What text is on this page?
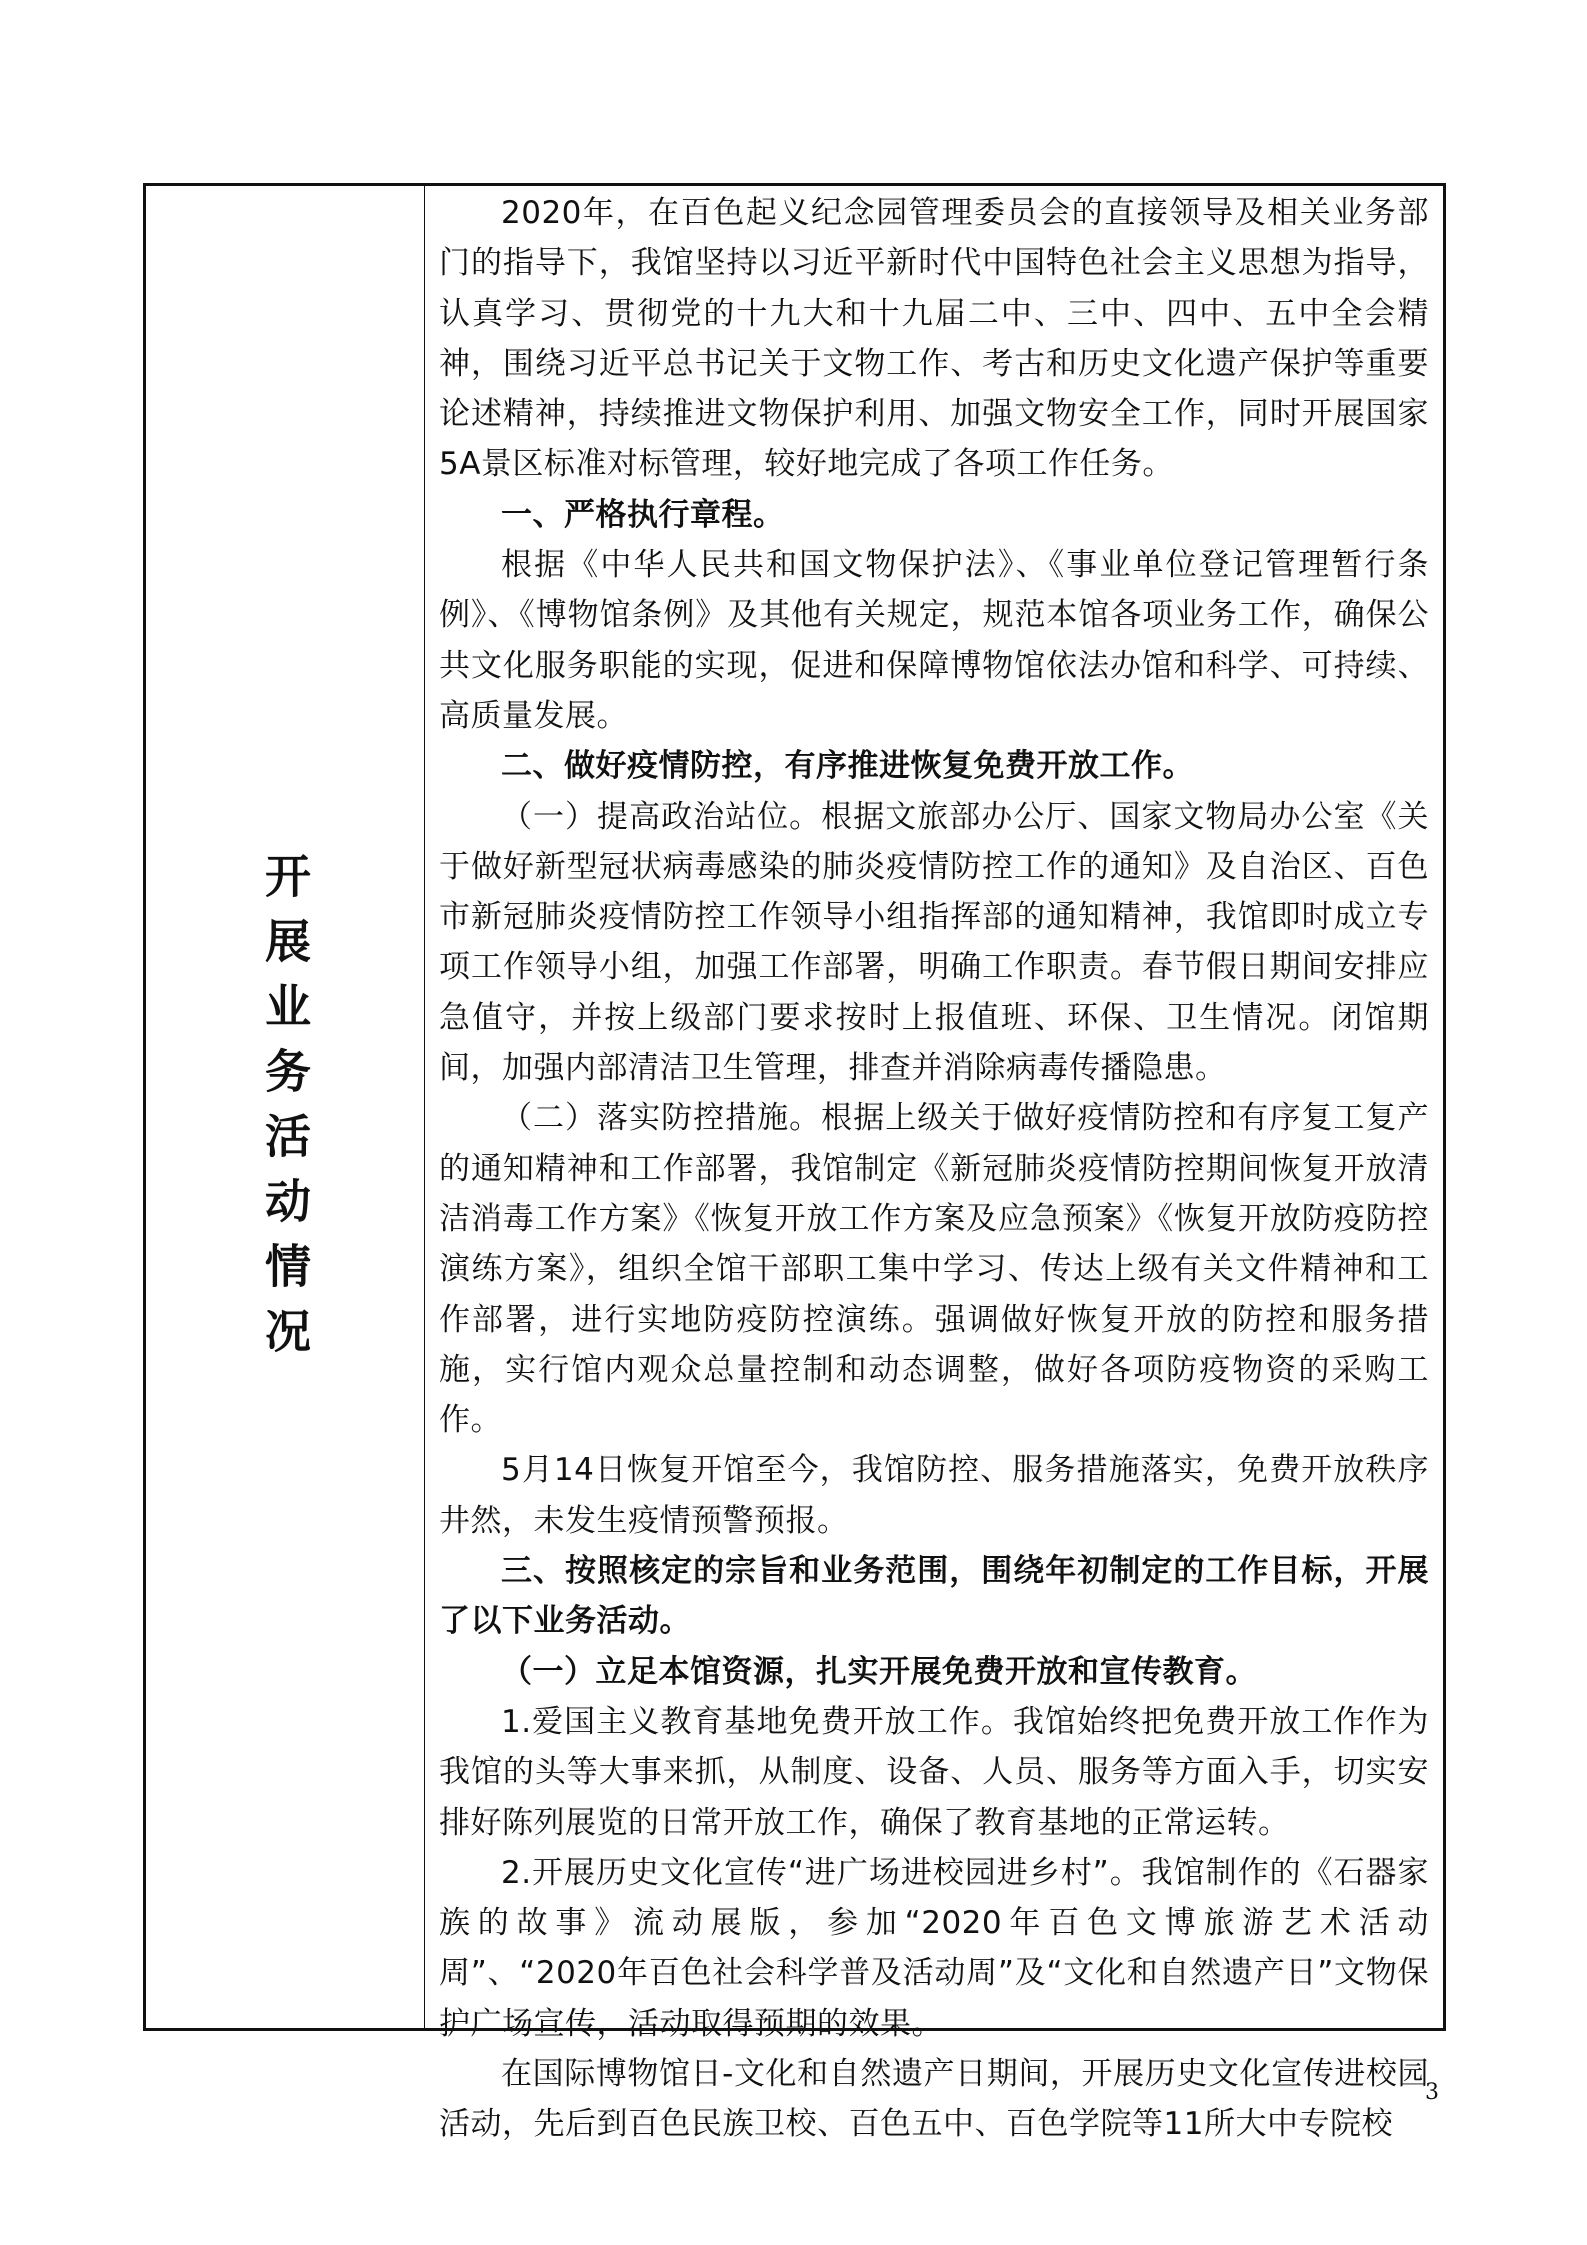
开展业务活动情况

2020年，在百色起义纪念园管理委员会的直接领导及相关业务部门的指导下，我馆坚持以习近平新时代中国特色社会主义思想为指导，认真学习、贯彻党的十九大和十九届二中、三中、四中、五中全会精神，围绕习近平总书记关于文物工作、考古和历史文化遗产保护等重要论述精神，持续推进文物保护利用、加强文物安全工作，同时开展国家5A景区标准对标管理，较好地完成了各项工作任务。

一、严格执行章程。

根据《中华人民共和国文物保护法》、《事业单位登记管理暂行条例》、《博物馆条例》及其他有关规定，规范本馆各项业务工作，确保公共文化服务职能的实现，促进和保障博物馆依法办馆和科学、可持续、高质量发展。

二、做好疫情防控，有序推进恢复免费开放工作。

（一）提高政治站位。根据文旅部办公厅、国家文物局办公室《关于做好新型冠状病毒感染的肺炎疫情防控工作的通知》及自治区、百色市新冠肺炎疫情防控工作领导小组指挥部的通知精神，我馆即时成立专项工作领导小组，加强工作部署，明确工作职责。春节假日期间安排应急值守，并按上级部门要求按时上报值班、环保、卫生情况。闭馆期间，加强内部清洁卫生管理，排查并消除病毒传播隐患。

（二）落实防控措施。根据上级关于做好疫情防控和有序复工复产的通知精神和工作部署，我馆制定《新冠肺炎疫情防控期间恢复开放清洁消毒工作方案》《恢复开放工作方案及应急预案》《恢复开放防疫防控演练方案》，组织全馆干部职工集中学习、传达上级有关文件精神和工作部署，进行实地防疫防控演练。强调做好恢复开放的防控和服务措施，实行馆内观众总量控制和动态调整，做好各项防疫物资的采购工作。

5月14日恢复开馆至今，我馆防控、服务措施落实，免费开放秩序井然，未发生疫情预警预报。

三、按照核定的宗旨和业务范围，围绕年初制定的工作目标，开展了以下业务活动。

（一）立足本馆资源，扎实开展免费开放和宣传教育。

1.爱国主义教育基地免费开放工作。我馆始终把免费开放工作作为我馆的头等大事来抓，从制度、设备、人员、服务等方面入手，切实安排好陈列展览的日常开放工作，确保了教育基地的正常运转。

2.开展历史文化宣传“进广场进校园进乡村”。我馆制作的《石器家族的故事》流动展版，参加“2020年百色文博旅游艺术活动周”、“2020年百色社会科学普及活动周”及“文化和自然遗产日”文物保护广场宣传，活动取得预期的效果。

在国际博物馆日-文化和自然遗产日期间，开展历史文化宣传进校园活动，先后到百色民族卫校、百色五中、百色学院等11所大中专院校

3
